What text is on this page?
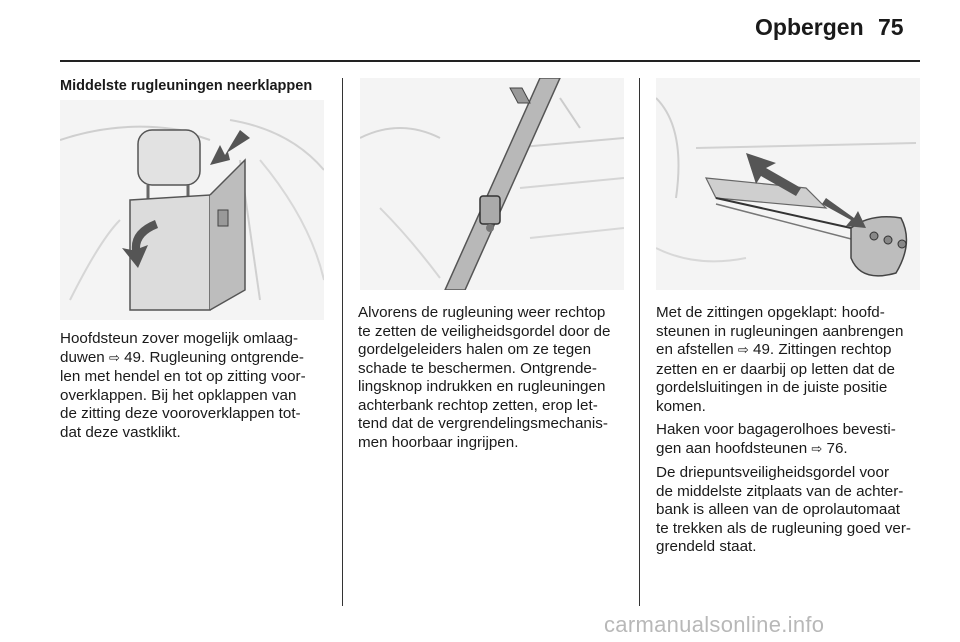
Opbergen 75
Middelste rugleuningen neerklappen
Hoofdsteun zover mogelijk omlaag-
duwen ⇨ 49. Rugleuning ontgrende-
len met hendel en tot op zitting voor-
overklappen. Bij het opklappen van
de zitting deze vooroverklappen tot-
dat deze vastklikt.
Alvorens de rugleuning weer rechtop
te zetten de veiligheidsgordel door de
gordelgeleiders halen om ze tegen
schade te beschermen. Ontgrende-
lingsknop indrukken en rugleuningen
achterbank rechtop zetten, erop let-
tend dat de vergrendelingsmechanis-
men hoorbaar ingrijpen.

Met de zittingen opgeklapt: hoofd-
steunen in rugleuningen aanbrengen
en afstellen ⇨ 49. Zittingen rechtop
zetten en er daarbij op letten dat de
gordelsluitingen in de juiste positie
komen.

Haken voor bagagerolhoes bevesti-
gen aan hoofdsteunen ⇨ 76.

De driepuntsveiligheidsgordel voor
de middelste zitplaats van de achter-
bank is alleen van de oprolautomaat
te trekken als de rugleuning goed ver-
grendeld staat.

carmanualsonline.info
